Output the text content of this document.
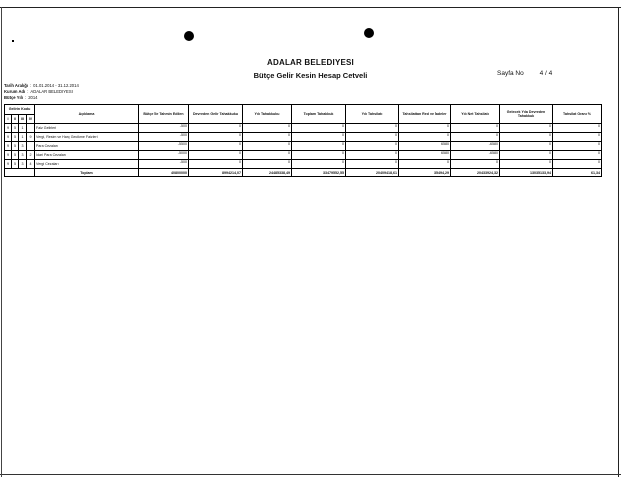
ADALAR BELEDIYESI
Bütçe Gelir Kesin Hesap Cetveli	Sayfa No 4 / 4
Tarih Aralığı : 01.01.2014 - 31.12.2014
Kurum Adı : ADALAR BELEDIYESI
Bütçe Yılı : 2014
Gelirin Kodu				Açıklama	Bütçe İle Tahmin Edilen	Devreden Gelir Tahakkuku	Yılı Tahakkuku	Toplam Tahakkuk	Yılı Tahsilatı	Tahsilattan Red ve İadeler	Yılı Net Tahsilatı	Gelecek Yıla Devreden Tahakkuk	Tahsilat Oranı %
I	II	III	IV										
9	5	1		Faiz Gelirleri	-500	0	0	0	0	0	0	0	0
9	5	1	9	Vergi, Resim ve Harç Gecikme Faizleri	-500	0	0	0	0	0	0	0	0
9	5	3		Para Cezaları	-5500	0	0	0	0	6580	-6580	0	0
9	5	3	2	İdari Para Cezaları	-5000	0	0	0	0	6580	-6580	0	0
9	5	3	4	Vergi Cezaları	-500	0	0	0	0	0	0	0	0
				Toplam	40800000	8994214,07	24485338,49	33479552,55	20409418,61	35494,29	20433924,32	13035133,94	61,34
